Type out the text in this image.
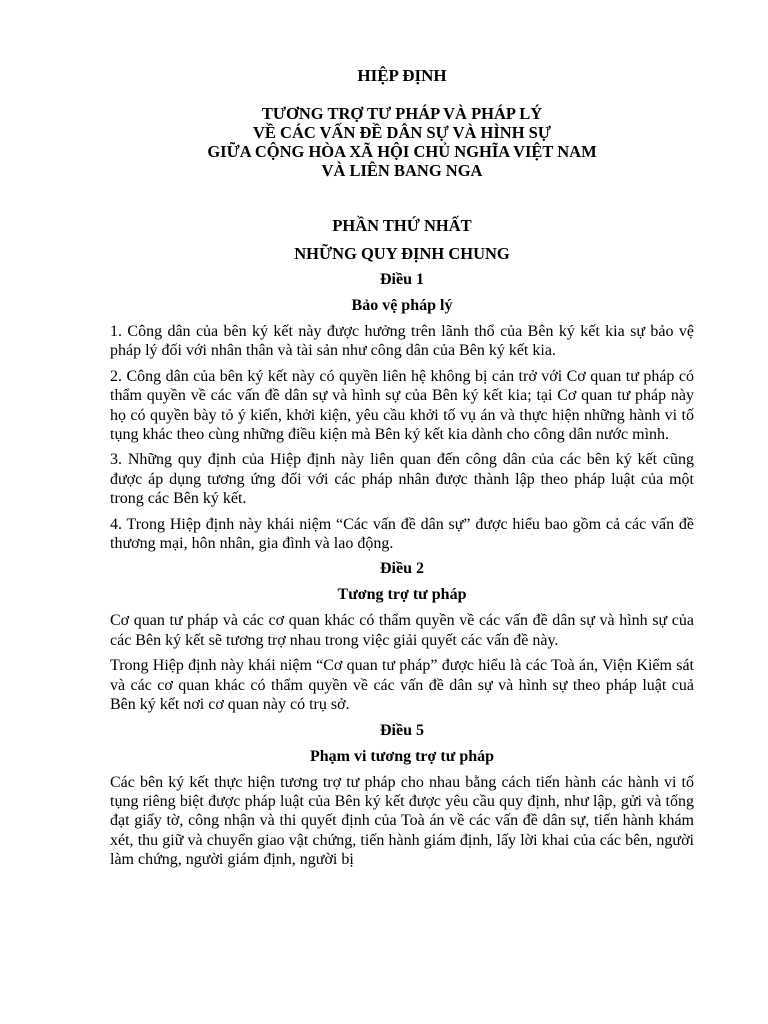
HIỆP ĐỊNH
TƯƠNG TRỢ TƯ PHÁP VÀ PHÁP LÝ
VỀ CÁC VẤN ĐỀ DÂN SỰ VÀ HÌNH SỰ
GIỮA CỘNG HÒA XÃ HỘI CHỦ NGHĨA VIỆT NAM
VÀ LIÊN BANG NGA
PHẦN THỨ NHẤT
NHỮNG QUY ĐỊNH CHUNG
Điều 1
Bảo vệ pháp lý

1. Công dân của bên ký kết này được hưởng trên lãnh thổ của Bên ký kết kia sự bảo vệ pháp lý đối với nhân thân và tài sản như công dân của Bên ký kết kia.

2. Công dân của bên ký kết này có quyền liên hệ không bị cản trở với Cơ quan tư pháp có thẩm quyền về các vấn đề dân sự và hình sự của Bên ký kết kia; tại Cơ quan tư pháp này họ có quyền bày tỏ ý kiến, khởi kiện, yêu cầu khởi tố vụ án và thực hiện những hành vi tố tụng khác theo cùng những điều kiện mà Bên ký kết kia dành cho công dân nước mình.

3. Những quy định của Hiệp định này liên quan đến công dân của các bên ký kết cũng được áp dụng tương ứng đối với các pháp nhân được thành lập theo pháp luật của một trong các Bên ký kết.

4. Trong Hiệp định này khái niệm “Các vấn đề dân sự” được hiểu bao gồm cả các vấn đề thương mại, hôn nhân, gia đình và lao động.

Điều 2
Tương trợ tư pháp

Cơ quan tư pháp và các cơ quan khác có thẩm quyền về các vấn đề dân sự và hình sự của các Bên ký kết sẽ tương trợ nhau trong việc giải quyết các vấn đề này.

Trong Hiệp định này khái niệm “Cơ quan tư pháp” được hiểu là các Toà án, Viện Kiểm sát và các cơ quan khác có thẩm quyền về các vấn đề dân sự và hình sự theo pháp luật cuả Bên ký kết nơi cơ quan này có trụ sở.

Điều 5
Phạm vi tương trợ tư pháp

Các bên ký kết thực hiện tương trợ tư pháp cho nhau bằng cách tiến hành các hành vi tố tụng riêng biệt được pháp luật của Bên ký kết được yêu cầu quy định, như lập, gửi và tống đạt giấy tờ, công nhận và thi quyết định của Toà án về các vấn đề dân sự, tiến hành khám xét, thu giữ và chuyển giao vật chứng, tiến hành giám định, lấy lời khai của các bên, người làm chứng, người giám định, người bị
